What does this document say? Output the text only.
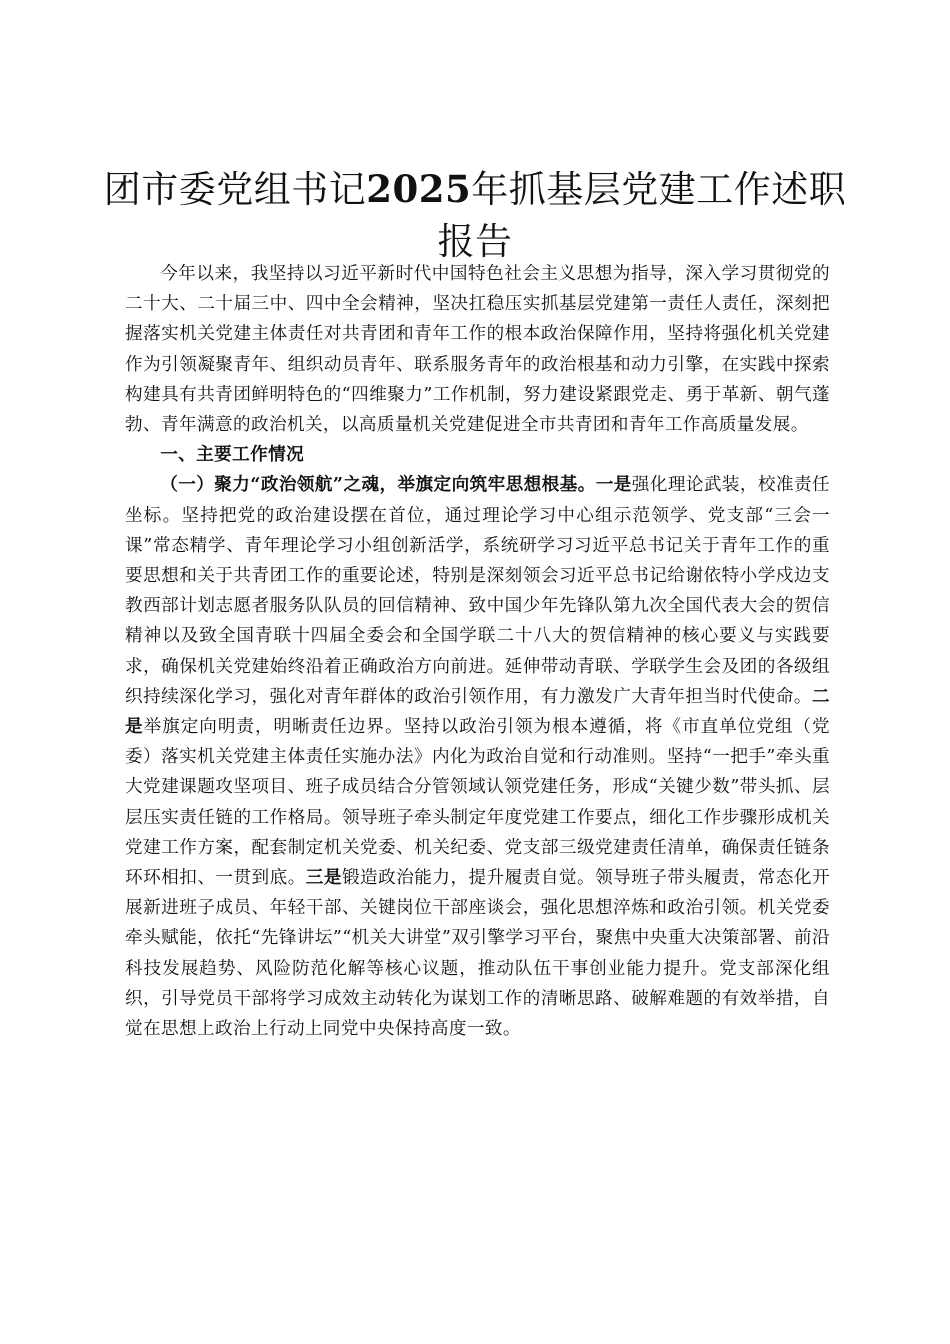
团市委党组书记2025年抓基层党建工作述职报告

今年以来，我坚持以习近平新时代中国特色社会主义思想为指导，深入学习贯彻党的二十大、二十届三中、四中全会精神，坚决扛稳压实抓基层党建第一责任人责任，深刻把握落实机关党建主体责任对共青团和青年工作的根本政治保障作用，坚持将强化机关党建作为引领凝聚青年、组织动员青年、联系服务青年的政治根基和动力引擎，在实践中探索构建具有共青团鲜明特色的“四维聚力”工作机制，努力建设紧跟党走、勇于革新、朝气蓬勃、青年满意的政治机关，以高质量机关党建促进全市共青团和青年工作高质量发展。

一、主要工作情况

（一）聚力“政治领航”之魂，举旗定向筑牢思想根基。一是强化理论武装，校准责任坐标。坚持把党的政治建设摆在首位，通过理论学习中心组示范领学、党支部“三会一课”常态精学、青年理论学习小组创新活学，系统研学习习近平总书记关于青年工作的重要思想和关于共青团工作的重要论述，特别是深刻领会习近平总书记给谢依特小学戍边支教西部计划志愿者服务队队员的回信精神、致中国少年先锋队第九次全国代表大会的贺信精神以及致全国青联十四届全委会和全国学联二十八大的贺信精神的核心要义与实践要求，确保机关党建始终沿着正确政治方向前进。延伸带动青联、学联学生会及团的各级组织持续深化学习，强化对青年群体的政治引领作用，有力激发广大青年担当时代使命。二是举旗定向明责，明晰责任边界。坚持以政治引领为根本遵循，将《市直单位党组（党委）落实机关党建主体责任实施办法》内化为政治自觉和行动准则。坚持“一把手”牵头重大党建课题攻坚项目、班子成员结合分管领域认领党建任务，形成“关键少数”带头抓、层层压实责任链的工作格局。领导班子牵头制定年度党建工作要点，细化工作步骤形成机关党建工作方案，配套制定机关党委、机关纪委、党支部三级党建责任清单，确保责任链条环环相扣、一贯到底。三是锻造政治能力，提升履责自觉。领导班子带头履责，常态化开展新进班子成员、年轻干部、关键岗位干部座谈会，强化思想淬炼和政治引领。机关党委牵头赋能，依托“先锋讲坛”“机关大讲堂”双引擎学习平台，聚焦中央重大决策部署、前沿科技发展趋势、风险防范化解等核心议题，推动队伍干事创业能力提升。党支部深化组织，引导党员干部将学习成效主动转化为谋划工作的清晰思路、破解难题的有效举措，自觉在思想上政治上行动上同党中央保持高度一致。
